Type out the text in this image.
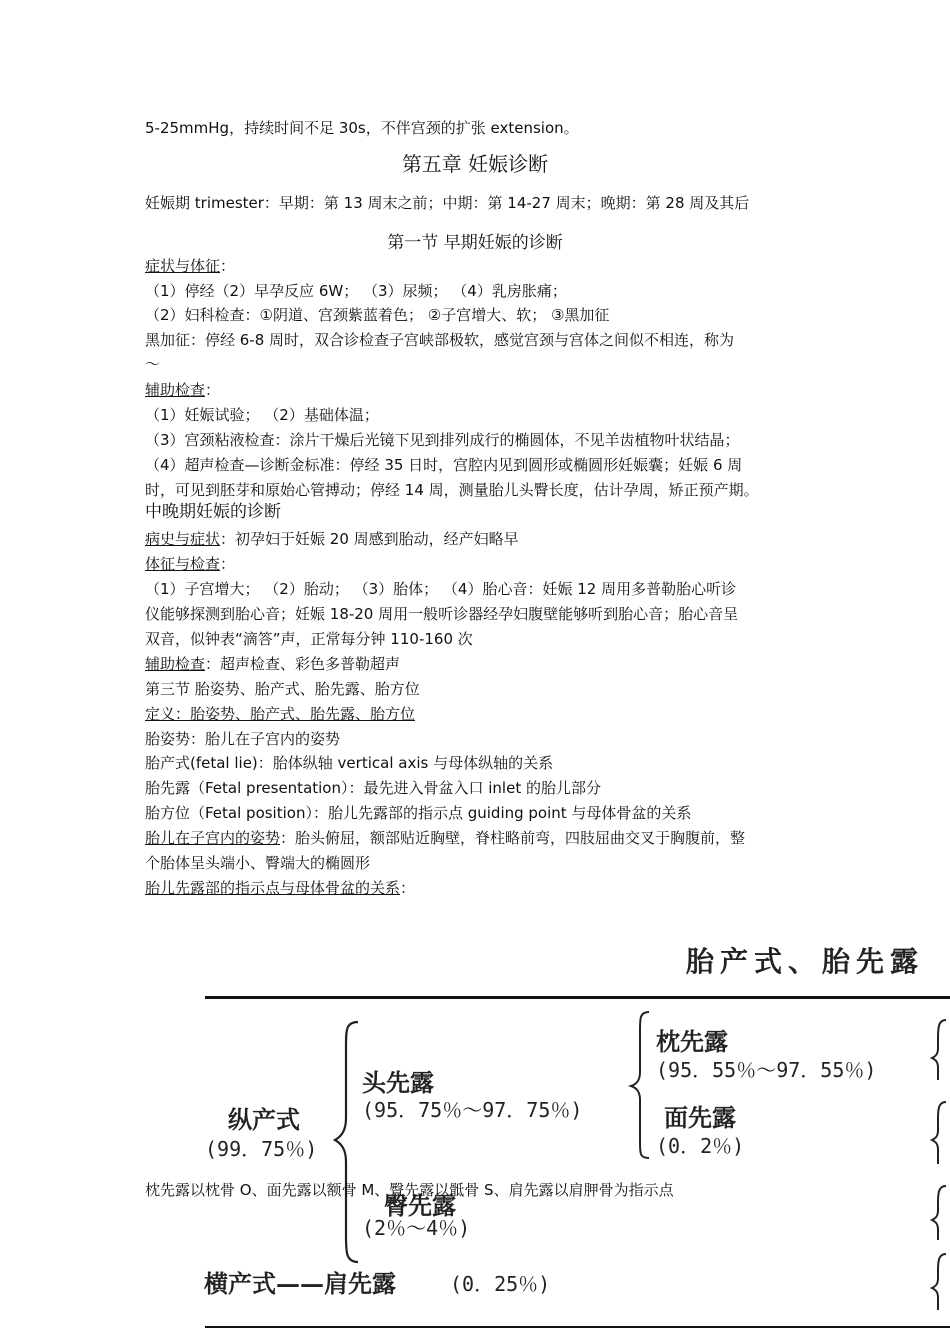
5-25mmHg，持续时间不足 30s，不伴宫颈的扩张 extension。
第五章 妊娠诊断
妊娠期 trimester：早期：第 13 周末之前；中期：第 14-27 周末；晚期：第 28 周及其后
第一节 早期妊娠的诊断
症状与体征：
（1）停经（2）早孕反应 6W； （3）尿频； （4）乳房胀痛；
（2）妇科检查：①阴道、宫颈紫蓝着色； ②子宫增大、软； ③黑加征
黑加征：停经 6-8 周时，双合诊检查子宫峡部极软，感觉宫颈与宫体之间似不相连，称为
～
辅助检查：
（1）妊娠试验； （2）基础体温；
（3）宫颈粘液检查：涂片干燥后光镜下见到排列成行的椭圆体，不见羊齿植物叶状结晶；
（4）超声检查—诊断金标准：停经 35 日时，宫腔内见到圆形或椭圆形妊娠囊；妊娠 6 周
时，可见到胚芽和原始心管搏动；停经 14 周，测量胎儿头臀长度，估计孕周，矫正预产期。
中晚期妊娠的诊断
病史与症状：初孕妇于妊娠 20 周感到胎动，经产妇略早
体征与检查：
（1）子宫增大； （2）胎动； （3）胎体； （4）胎心音：妊娠 12 周用多普勒胎心听诊
仪能够探测到胎心音；妊娠 18-20 周用一般听诊器经孕妇腹壁能够听到胎心音；胎心音呈
双音，似钟表“滴答”声，正常每分钟 110-160 次
辅助检查：超声检查、彩色多普勒超声
第三节 胎姿势、胎产式、胎先露、胎方位
定义：胎姿势、胎产式、胎先露、胎方位
胎姿势：胎儿在子宫内的姿势
胎产式(fetal lie)：胎体纵轴 vertical axis 与母体纵轴的关系
胎先露（Fetal presentation）：最先进入骨盆入口 inlet 的胎儿部分
胎方位（Fetal position）：胎儿先露部的指示点 guiding point 与母体骨盆的关系
胎儿在子宫内的姿势：胎头俯屈，额部贴近胸壁，脊柱略前弯，四肢屈曲交叉于胸腹前，整
个胎体呈头端小、臀端大的椭圆形
胎儿先露部的指示点与母体骨盆的关系：
胎产式、胎先露
纵产式
(99．75％)
头先露
(95．75％～97．75％)
枕先露
(95．55％～97．55％)
面先露
(0．2％)
臀先露
(2％～4％)
横产式——肩先露	(0．25％)
枕先露以枕骨 O、面先露以额骨 M、臀先露以骶骨 S、肩先露以肩胛骨为指示点
